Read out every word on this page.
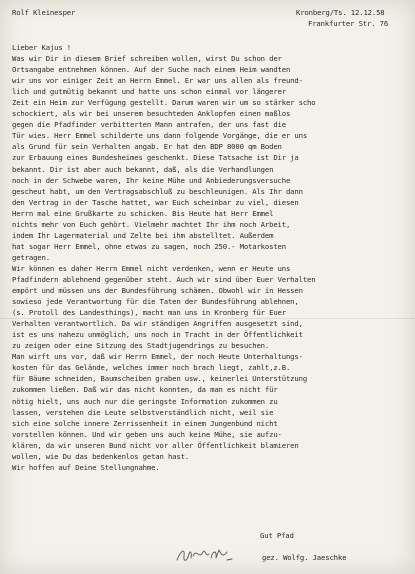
Rolf Kleinesper	Kronberg/Ts. 12.12.58
Frankfurter Str. 76
Lieber Kajus !
Was wir Dir in diesem Brief schreiben wollen, wirst Du schon der
Ortsangabe entnehmen können. Auf der Suche nach einem Heim wandten
wir uns vor einiger Zeit an Herrn Emmel. Er war uns allen als freund-
lich und gutmütig bekannt und hatte uns schon einmal vor längerer
Zeit ein Heim zur Verfügung gestellt. Darum waren wir um so stärker scho
schockiert, als wir bei unserem besuchteden Anklopfen einen maßlos
gegen die Pfadfinder verbitterten Mann antrafen, der uns fast die
Tür wies. Herr Emmel schilderte uns dann folgende Vorgänge, die er uns
als Grund für sein Verhalten angab. Er hat den BDP 8000 qm Boden
zur Erbauung eines Bundesheimes geschenkt. Diese Tatsache ist Dir ja
bekannt. Dir ist aber auch bekannt, daß, als die Verhandlungen
noch in der Schwebe waren, Ihr keine Mühe und Anbiederungsversuche
gescheut habt, um den Vertragsabschluß zu beschleunigen. Als Ihr dann
den Vertrag in der Tasche hattet, war Euch scheinbar zu viel, diesen
Herrn mal eine Grußkarte zu schicken. Bis Heute hat Herr Emmel
nichts mehr von Euch gehört. Vielmehr machtet Ihr ihm noch Arbeit,
indem Ihr Lagermaterial und Zelte bei ihm abstelltet. Außerdem
hat sogar Herr Emmel, ohne etwas zu sagen, noch 250.- Motarkosten
getragen.
Wir können es daher Herrn Emmel nicht verdenken, wenn er Heute uns
Pfadfindern ablehnend gegenüber steht. Auch wir sind über Euer Verhalten
empört und müssen uns der Bundesführung schämen. Obwohl wir in Hessen
sowieso jede Verantwortung für die Taten der Bundesführung ablehnen,
(s. Protoll des Landesthings), macht man uns in Kronberg für Euer
Verhalten verantwortlich. Da wir ständigen Angriffen ausgesetzt sind,
ist es uns nahezu unmöglich, uns noch in Tracht in der Öffentlichkeit
zu zeigen oder eine Sitzung des Stadtjugendrings zu besuchen.
Man wirft uns vor, daß wir Herrn Emmel, der noch Heute Unterhaltungs-
kosten für das Gelände, welches immer noch brach liegt, zahlt,z.B.
für Bäume schneiden, Baumscheiben graben usw., keinerlei Unterstützung
zukommen ließen. Daß wir das nicht konnten, da man es nicht für
nötig hielt, uns auch nur die geringste Information zukommen zu
lassen, verstehen die Leute selbstverständlich nicht, weil sie
sich eine solche innere Zerrissenheit in einem Jungenbund nicht
vorstellen können. Und wir geben uns auch keine Mühe, sie aufzu-
klären, da wir unseren Bund nicht vor aller Öffentlichkeit blamieren
wollen, wie Du das bedenkenlos getan hast.
Wir hoffen auf Deine Stellungnahme.
Gut Pfad
gez. Wolfg. Jaeschke
